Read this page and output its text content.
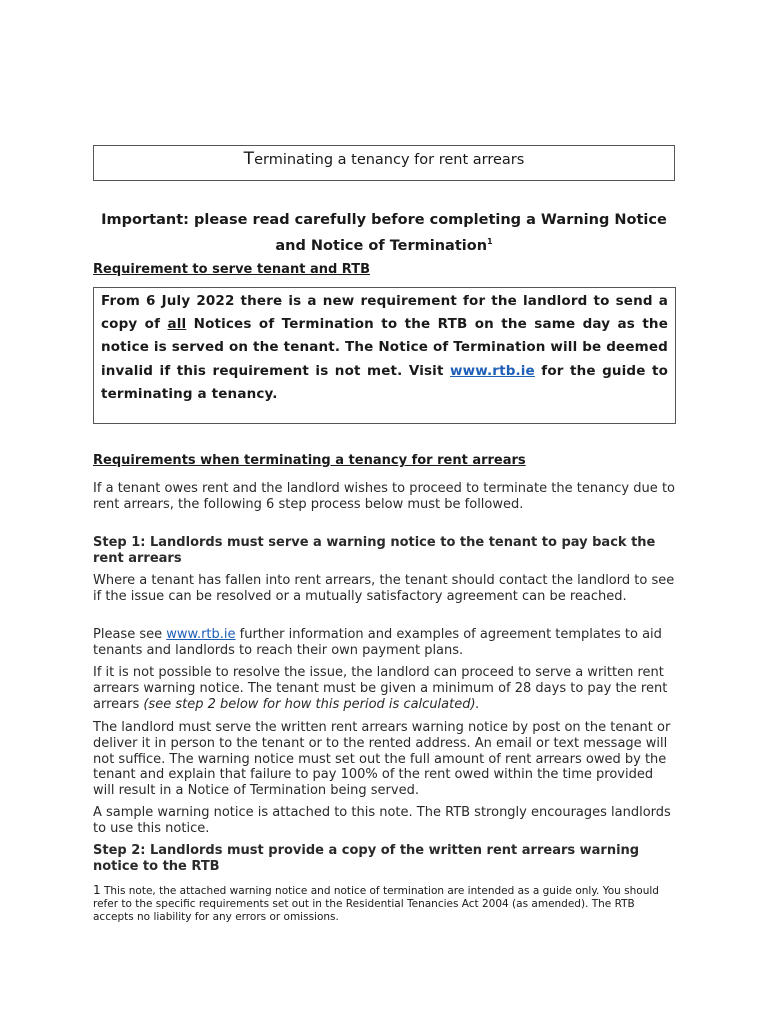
Terminating a tenancy for rent arrears
Important: please read carefully before completing a Warning Notice and Notice of Termination$^1$
Requirement to serve tenant and RTB
From 6 July 2022 there is a new requirement for the landlord to send a copy of all Notices of Termination to the RTB on the same day as the notice is served on the tenant. The Notice of Termination will be deemed invalid if this requirement is not met. Visit www.rtb.ie for the guide to terminating a tenancy.
Requirements when terminating a tenancy for rent arrears
If a tenant owes rent and the landlord wishes to proceed to terminate the tenancy due to rent arrears, the following 6 step process below must be followed.
Step 1: Landlords must serve a warning notice to the tenant to pay back the rent arrears
Where a tenant has fallen into rent arrears, the tenant should contact the landlord to see if the issue can be resolved or a mutually satisfactory agreement can be reached.
Please see www.rtb.ie further information and examples of agreement templates to aid tenants and landlords to reach their own payment plans.
If it is not possible to resolve the issue, the landlord can proceed to serve a written rent arrears warning notice. The tenant must be given a minimum of 28 days to pay the rent arrears (see step 2 below for how this period is calculated).
The landlord must serve the written rent arrears warning notice by post on the tenant or deliver it in person to the tenant or to the rented address. An email or text message will not suffice. The warning notice must set out the full amount of rent arrears owed by the tenant and explain that failure to pay 100% of the rent owed within the time provided will result in a Notice of Termination being served.
A sample warning notice is attached to this note. The RTB strongly encourages landlords to use this notice.
Step 2: Landlords must provide a copy of the written rent arrears warning notice to the RTB
1 This note, the attached warning notice and notice of termination are intended as a guide only. You should refer to the specific requirements set out in the Residential Tenancies Act 2004 (as amended). The RTB accepts no liability for any errors or omissions.
